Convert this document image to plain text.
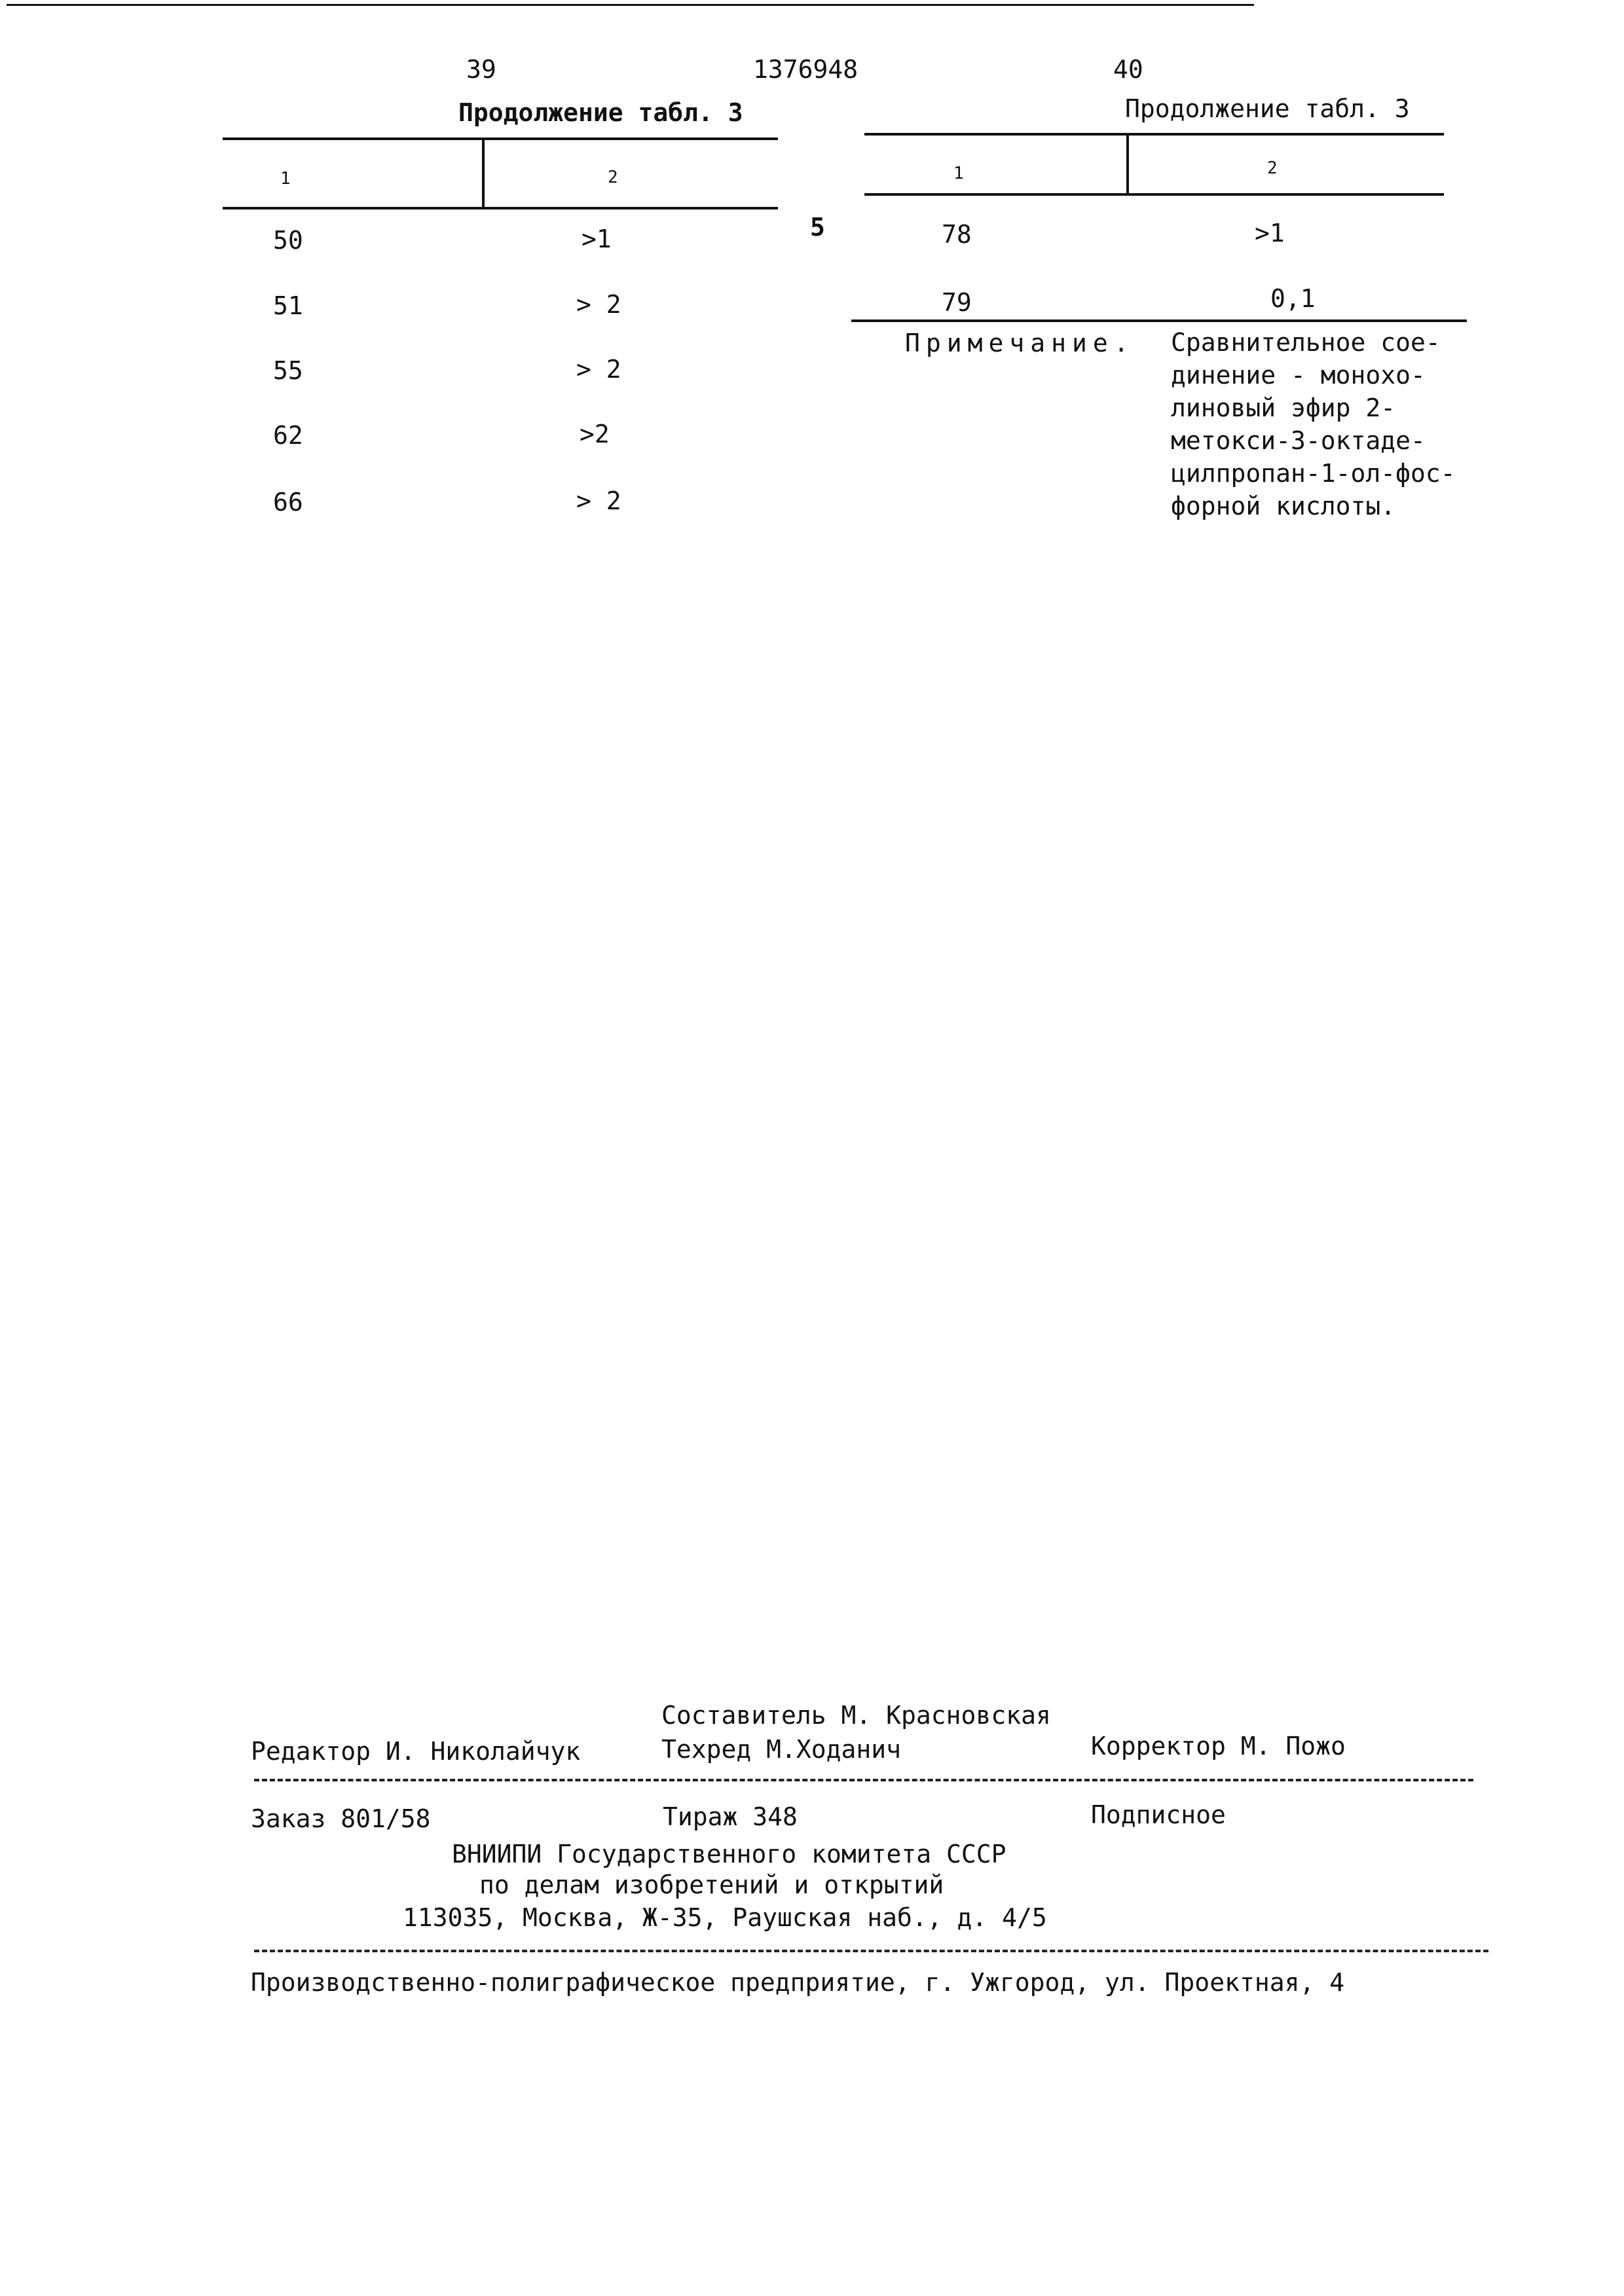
39	1376948	40
Продолжение табл. 3
1	2
50	>1
51	> 2
55	> 2
62	>2
66	> 2
5
Продолжение табл. 3
1	2
78	>1
79	0,1
Примечание. Сравнительное сое-
динение - монохо-
линовый эфир 2-
метокси-3-октаде-
цилпропан-1-ол-фос-
форной кислоты.
Составитель М. Красновская
Редактор И. Николайчук	Техред М.Ходанич	Корректор М. Пожо
Заказ 801/58	Тираж 348	Подписное
ВНИИПИ Государственного комитета СССР
по делам изобретений и открытий
113035, Москва, Ж-35, Раушская наб., д. 4/5
Производственно-полиграфическое предприятие, г. Ужгород, ул. Проектная, 4
